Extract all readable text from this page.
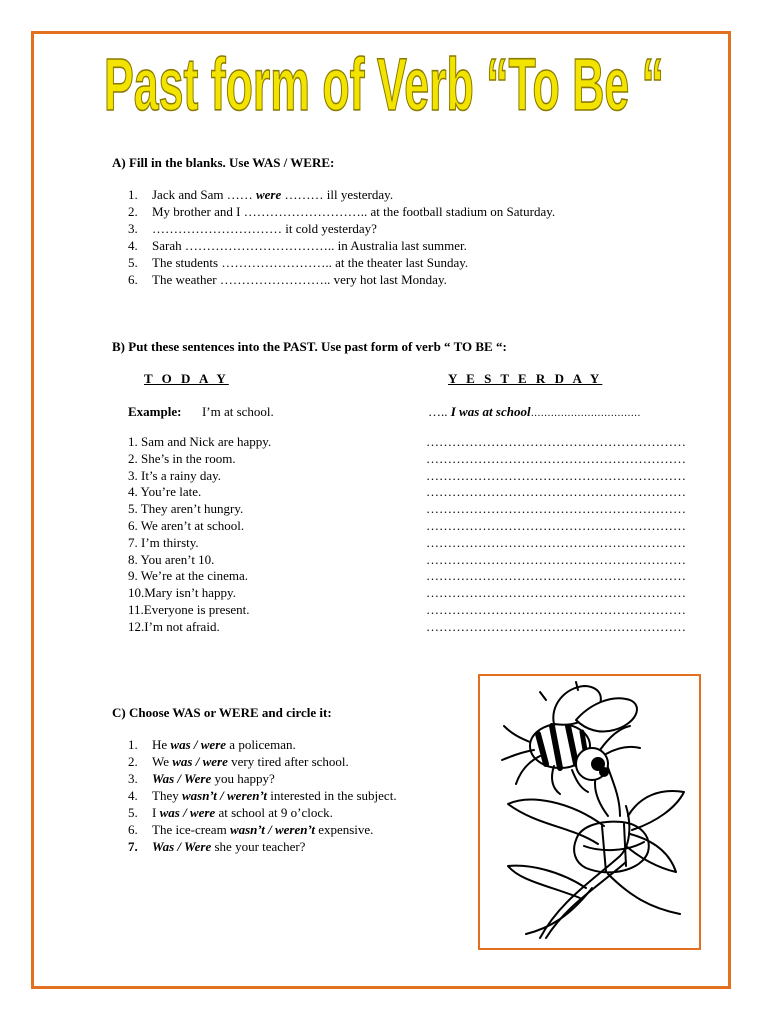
Past form of Verb “To Be “
A) Fill in the blanks. Use WAS / WERE:
1. Jack and Sam …… were ……… ill yesterday.
2. My brother and I ……………………….. at the football stadium on Saturday.
3. ………………………… it cold yesterday?
4. Sarah …………………………….. in Australia last summer.
5. The students …………………….. at the theater last Sunday.
6. The weather …………………….. very hot last Monday.
B) Put these sentences into the PAST. Use past form of verb “ TO BE “:
T O D A Y	Y E S T E R D A Y
Example: I’m at school.	….. I was at school……………………………
1. Sam and Nick are happy.	……………………………………………………
2. She’s in the room.	……………………………………………………
3. It’s a rainy day.	……………………………………………………
4. You’re late.	……………………………………………………
5. They aren’t hungry.	……………………………………………………
6. We aren’t at school.	……………………………………………………
7. I’m thirsty.	……………………………………………………
8. You aren’t 10.	……………………………………………………
9. We’re at the cinema.	……………………………………………………
10.Mary isn’t happy.	……………………………………………………
11.Everyone is present.	……………………………………………………
12.I’m not afraid.	……………………………………………………
C) Choose WAS or WERE and circle it:
1. He was / were a policeman.
2. We was / were very tired after school.
3. Was / Were you happy?
4. They wasn’t / weren’t interested in the subject.
5. I was / were at school at 9 o’clock.
6. The ice-cream wasn’t / weren’t expensive.
7. Was / Were she your teacher?
